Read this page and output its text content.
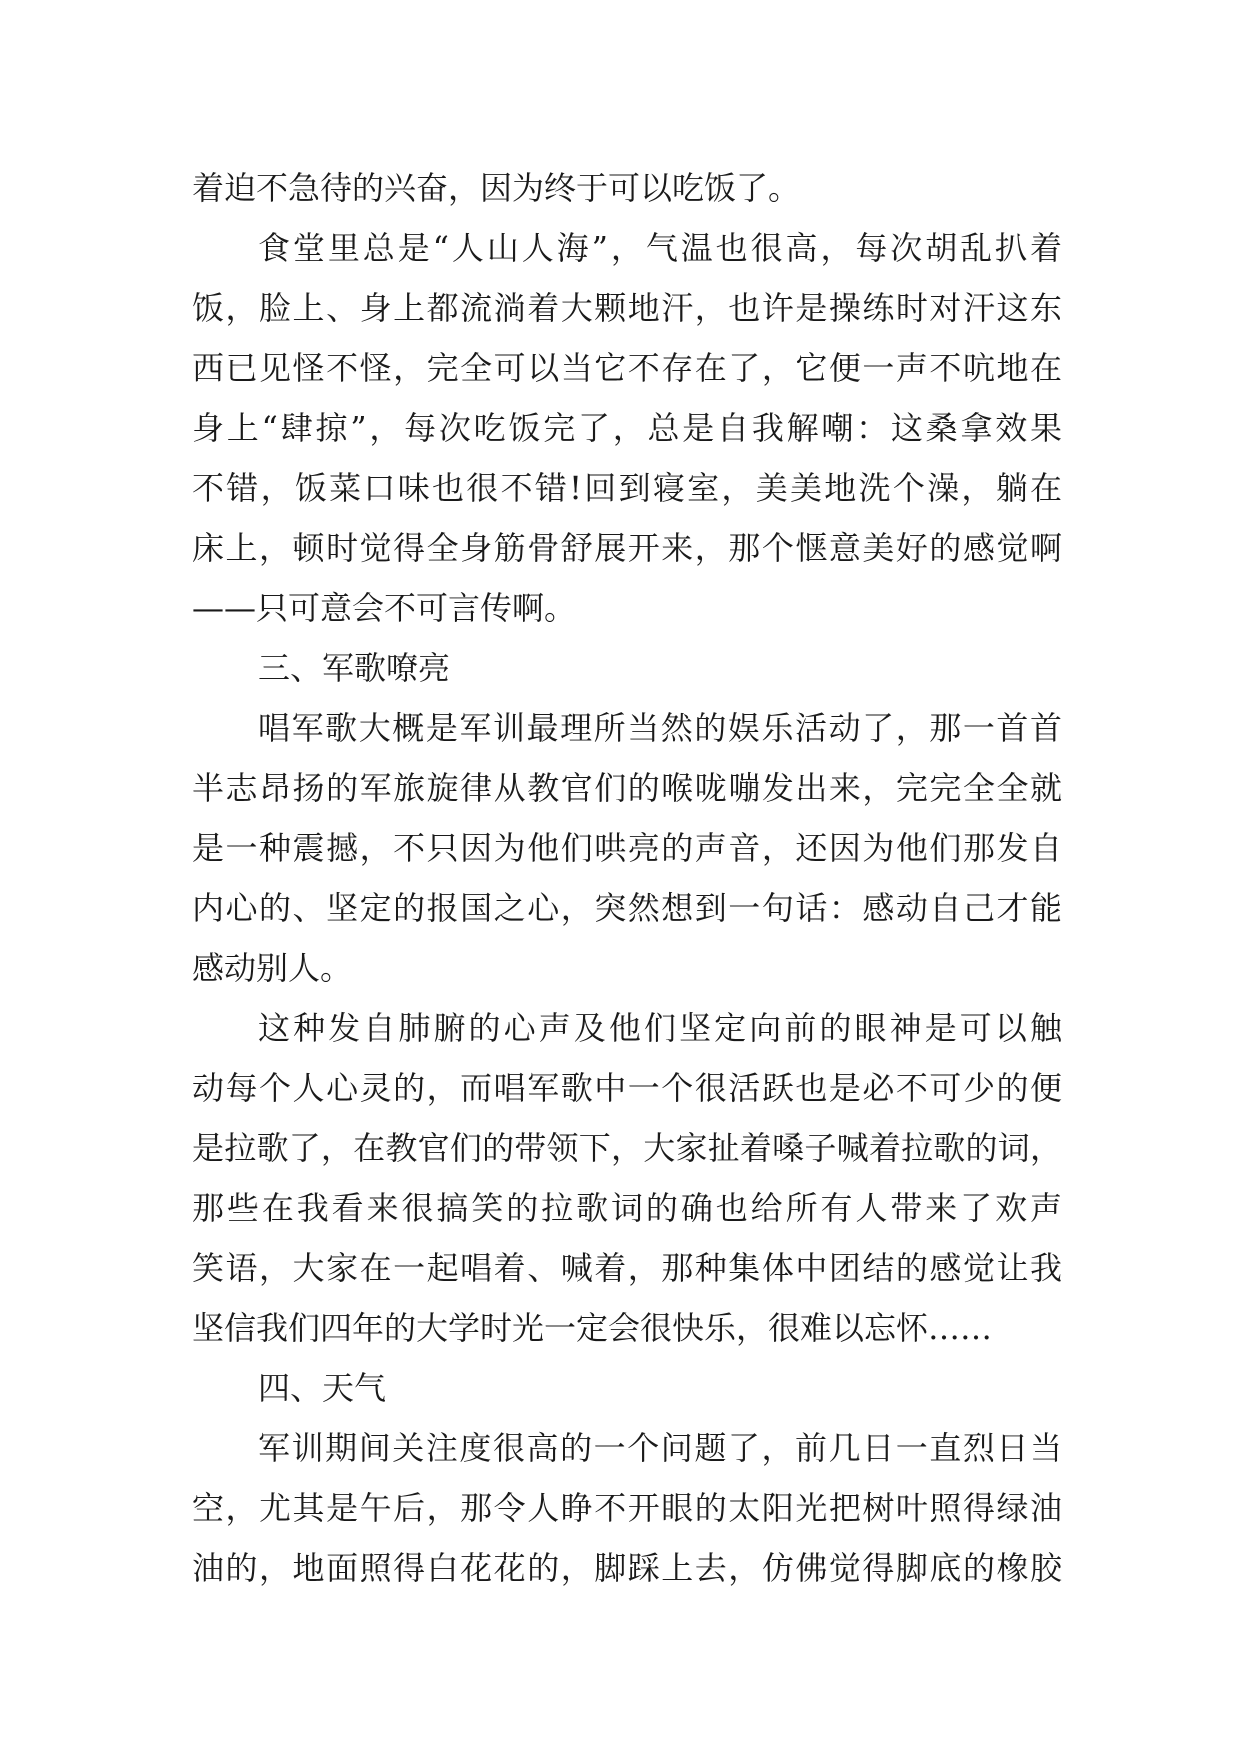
着迫不急待的兴奋，因为终于可以吃饭了。
食堂里总是“人山人海”，气温也很高，每次胡乱扒着
饭，脸上、身上都流淌着大颗地汗，也许是操练时对汗这东
西已见怪不怪，完全可以当它不存在了，它便一声不吭地在
身上“肆掠”，每次吃饭完了，总是自我解嘲：这桑拿效果
不错，饭菜口味也很不错!回到寝室，美美地洗个澡，躺在
床上，顿时觉得全身筋骨舒展开来，那个惬意美好的感觉啊
——只可意会不可言传啊。
三、军歌嘹亮
唱军歌大概是军训最理所当然的娱乐活动了，那一首首
半志昂扬的军旅旋律从教官们的喉咙嘣发出来，完完全全就
是一种震撼，不只因为他们哄亮的声音，还因为他们那发自
内心的、坚定的报国之心，突然想到一句话：感动自己才能
感动别人。
这种发自肺腑的心声及他们坚定向前的眼神是可以触
动每个人心灵的，而唱军歌中一个很活跃也是必不可少的便
是拉歌了，在教官们的带领下，大家扯着嗓子喊着拉歌的词，
那些在我看来很搞笑的拉歌词的确也给所有人带来了欢声
笑语，大家在一起唱着、喊着，那种集体中团结的感觉让我
坚信我们四年的大学时光一定会很快乐，很难以忘怀……
四、天气
军训期间关注度很高的一个问题了，前几日一直烈日当
空，尤其是午后，那令人睁不开眼的太阳光把树叶照得绿油
油的，地面照得白花花的，脚踩上去，仿佛觉得脚底的橡胶
